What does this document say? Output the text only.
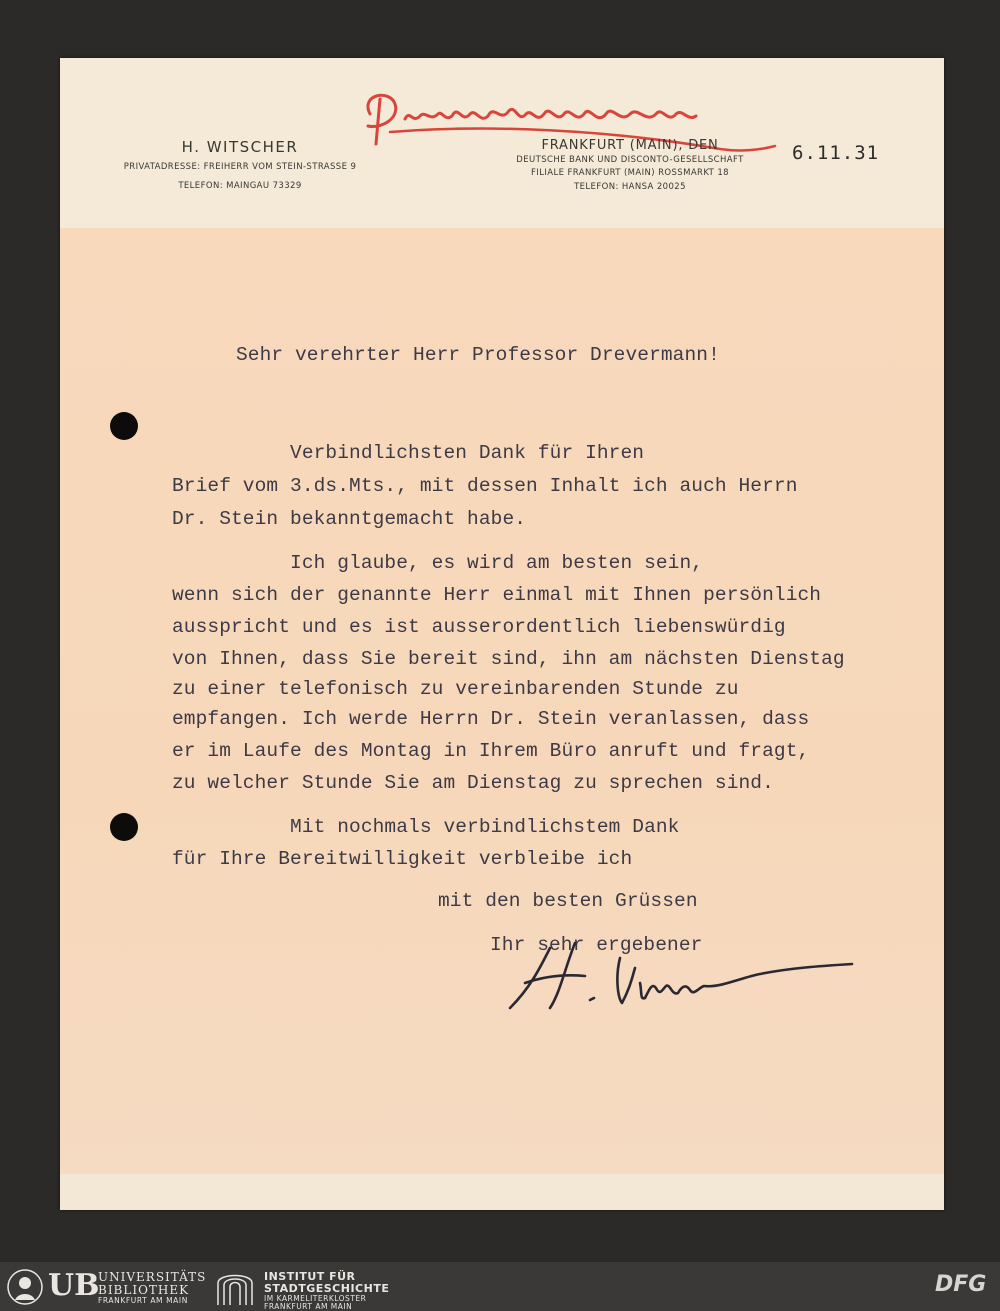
H. WITSCHER
PRIVATADRESSE: FREIHERR VOM STEIN-STRASSE 9
TELEFON: MAINGAU 73329
FRANKFURT (MAIN), DEN
DEUTSCHE BANK UND DISCONTO-GESELLSCHAFT
FILIALE FRANKFURT (MAIN) ROSSMARKT 18
TELEFON: HANSA 20025
6.11.31
Sehr verehrter Herr Professor Drevermann!
Verbindlichsten Dank für Ihren
Brief vom 3.ds.Mts., mit dessen Inhalt ich auch Herrn
Dr. Stein bekanntgemacht habe.
Ich glaube, es wird am besten sein,
wenn sich der genannte Herr einmal mit Ihnen persönlich
ausspricht und es ist ausserordentlich liebenswürdig
von Ihnen, dass Sie bereit sind, ihn am nächsten Dienstag
zu einer telefonisch zu vereinbarenden Stunde zu
empfangen. Ich werde Herrn Dr. Stein veranlassen, dass
er im Laufe des Montag in Ihrem Büro anruft und fragt,
zu welcher Stunde Sie am Dienstag zu sprechen sind.
Mit nochmals verbindlichstem Dank
für Ihre Bereitwilligkeit verbleibe ich
mit den besten Grüssen
Ihr sehr ergebener
UB
UNIVERSITÄTS
BIBLIOTHEK
FRANKFURT AM MAIN
INSTITUT FÜR
STADTGESCHICHTE
IM KARMELITERKLOSTER
FRANKFURT AM MAIN
DFG
